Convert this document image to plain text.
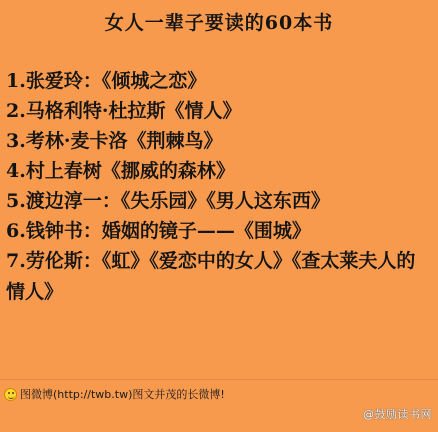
女人一辈子要读的60本书
1.张爱玲：《倾城之恋》
2.马格利特·杜拉斯《情人》
3.考林·麦卡洛《荆棘鸟》
4.村上春树《挪威的森林》
5.渡边淳一：《失乐园》《男人这东西》
6.钱钟书：婚姻的镜子——《围城》
7.劳伦斯：《虹》《爱恋中的女人》《查太莱夫人的情人》
图微博(http://twb.tw)图文并茂的长微博!
@鼓励读书网
